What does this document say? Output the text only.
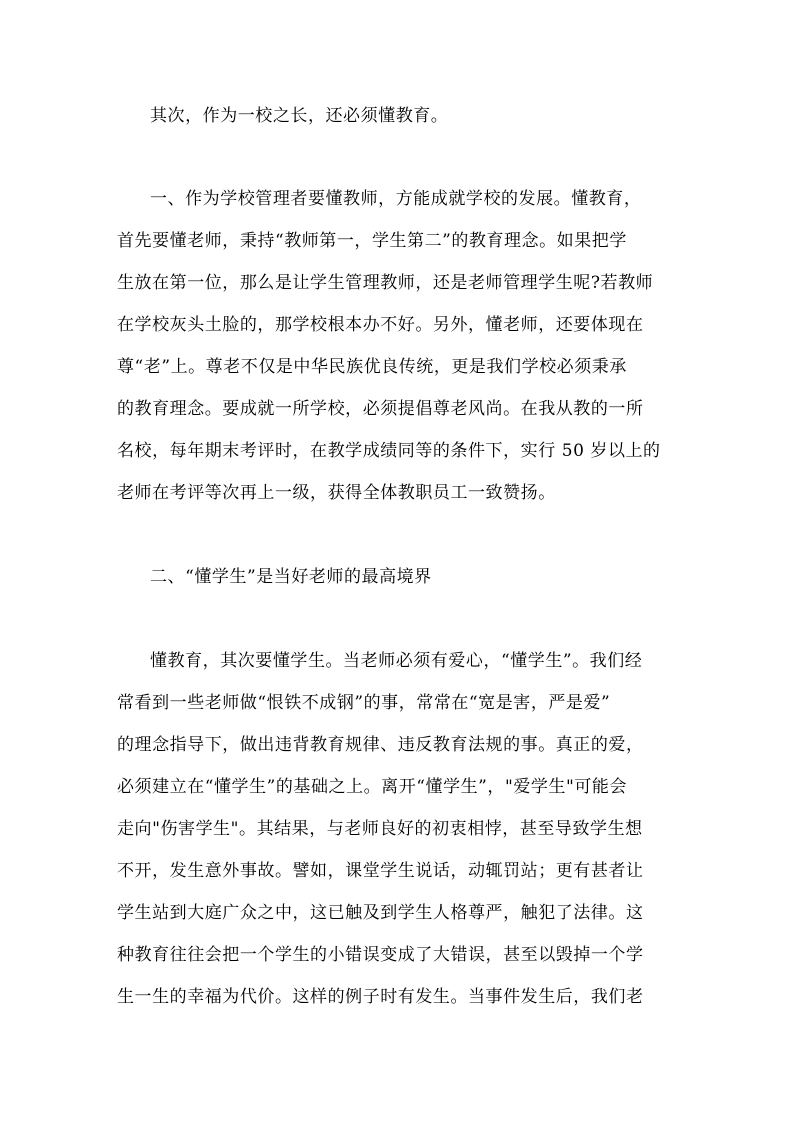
其次，作为一校之长，还必须懂教育。
一、作为学校管理者要懂教师，方能成就学校的发展。懂教育，
首先要懂老师，秉持“教师第一，学生第二”的教育理念。如果把学
生放在第一位，那么是让学生管理教师，还是老师管理学生呢?若教师
在学校灰头土脸的，那学校根本办不好。另外，懂老师，还要体现在
尊“老”上。尊老不仅是中华民族优良传统，更是我们学校必须秉承
的教育理念。要成就一所学校，必须提倡尊老风尚。在我从教的一所
名校，每年期末考评时，在教学成绩同等的条件下，实行 50 岁以上的
老师在考评等次再上一级，获得全体教职员工一致赞扬。
二、“懂学生”是当好老师的最高境界
懂教育，其次要懂学生。当老师必须有爱心，“懂学生”。我们经
常看到一些老师做“恨铁不成钢”的事，常常在“宽是害，严是爱”
的理念指导下，做出违背教育规律、违反教育法规的事。真正的爱，
必须建立在“懂学生”的基础之上。离开“懂学生”，"爱学生"可能会
走向"伤害学生"。其结果，与老师良好的初衷相悖，甚至导致学生想
不开，发生意外事故。譬如，课堂学生说话，动辄罚站；更有甚者让
学生站到大庭广众之中，这已触及到学生人格尊严，触犯了法律。这
种教育往往会把一个学生的小错误变成了大错误，甚至以毁掉一个学
生一生的幸福为代价。这样的例子时有发生。当事件发生后，我们老
